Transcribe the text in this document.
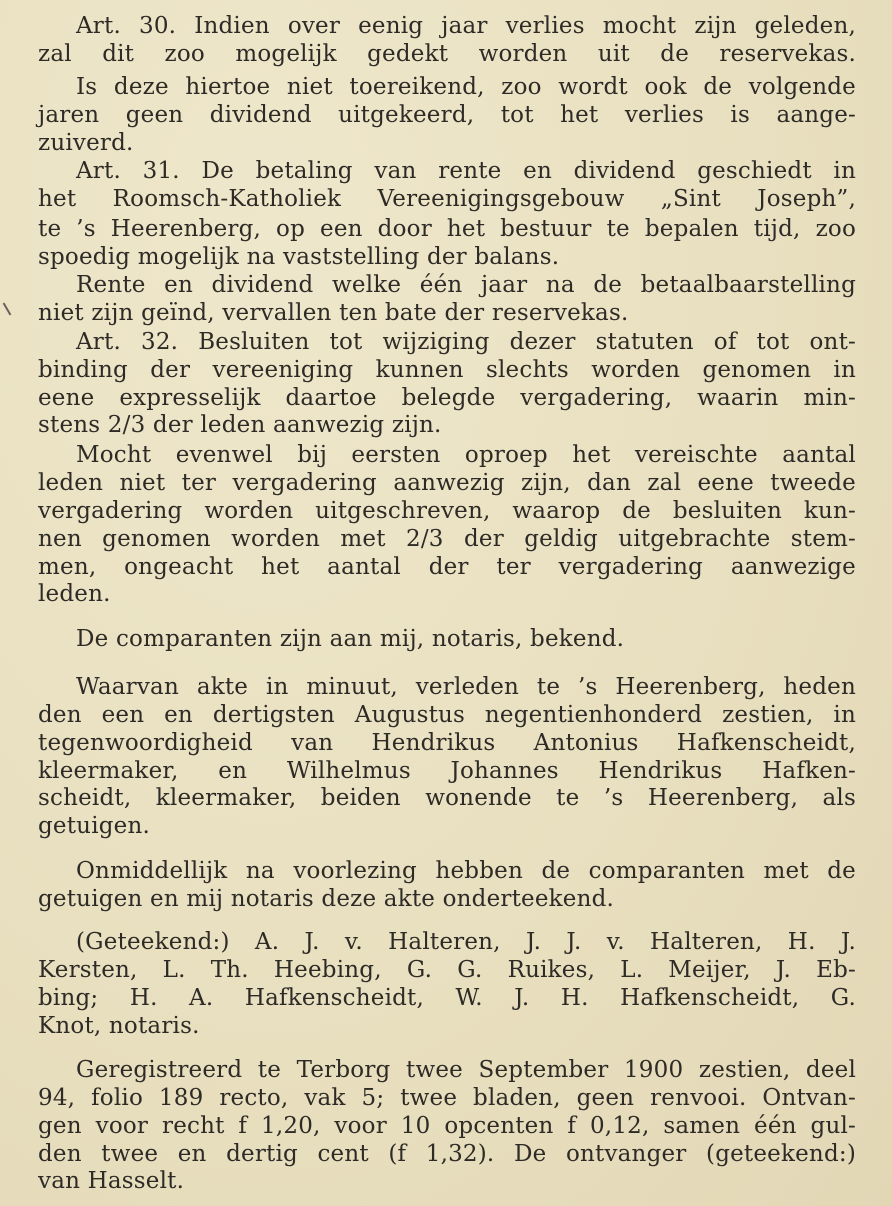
Art. 30. Indien over eenig jaar verlies mocht zijn geleden,
zal dit zoo mogelijk gedekt worden uit de reservekas.
Is deze hiertoe niet toereikend, zoo wordt ook de volgende
jaren geen dividend uitgekeerd, tot het verlies is aange-
zuiverd.
Art. 31. De betaling van rente en dividend geschiedt in
het Roomsch-Katholiek Vereenigingsgebouw „Sint Joseph”,
te ’s Heerenberg, op een door het bestuur te bepalen tijd, zoo
spoedig mogelijk na vaststelling der balans.
Rente en dividend welke één jaar na de betaalbaarstelling
niet zijn geïnd, vervallen ten bate der reservekas.
Art. 32. Besluiten tot wijziging dezer statuten of tot ont-
binding der vereeniging kunnen slechts worden genomen in
eene expresselijk daartoe belegde vergadering, waarin min-
stens 2/3 der leden aanwezig zijn.
Mocht evenwel bij eersten oproep het vereischte aantal
leden niet ter vergadering aanwezig zijn, dan zal eene tweede
vergadering worden uitgeschreven, waarop de besluiten kun-
nen genomen worden met 2/3 der geldig uitgebrachte stem-
men, ongeacht het aantal der ter vergadering aanwezige
leden.
De comparanten zijn aan mij, notaris, bekend.
Waarvan akte in minuut, verleden te ’s Heerenberg, heden
den een en dertigsten Augustus negentienhonderd zestien, in
tegenwoordigheid van Hendrikus Antonius Hafkenscheidt,
kleermaker, en Wilhelmus Johannes Hendrikus Hafken-
scheidt, kleermaker, beiden wonende te ’s Heerenberg, als
getuigen.
Onmiddellijk na voorlezing hebben de comparanten met de
getuigen en mij notaris deze akte onderteekend.
(Geteekend:) A. J. v. Halteren, J. J. v. Halteren, H. J.
Kersten, L. Th. Heebing, G. G. Ruikes, L. Meijer, J. Eb-
bing; H. A. Hafkenscheidt, W. J. H. Hafkenscheidt, G.
Knot, notaris.
Geregistreerd te Terborg twee September 1900 zestien, deel
94, folio 189 recto, vak 5; twee bladen, geen renvooi. Ontvan-
gen voor recht f 1,20, voor 10 opcenten f 0,12, samen één gul-
den twee en dertig cent (f 1,32). De ontvanger (geteekend:)
van Hasselt.
